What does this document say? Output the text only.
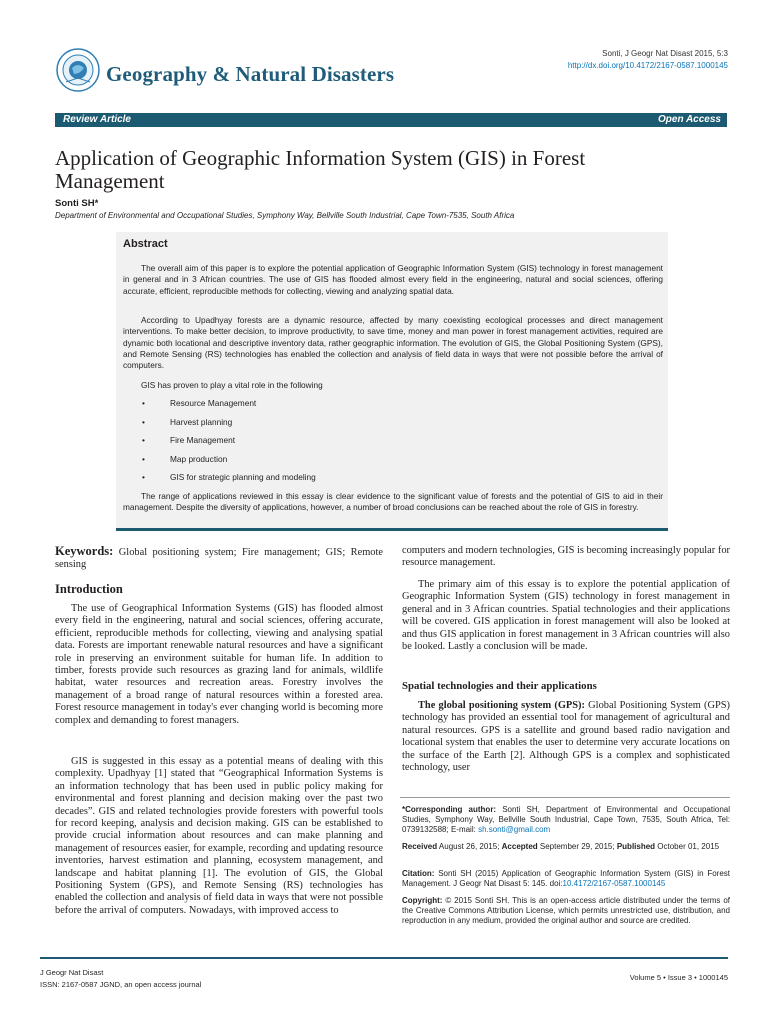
Geography & Natural Disasters
Sonti, J Geogr Nat Disast 2015, 5:3
http://dx.doi.org/10.4172/2167-0587.1000145
Review Article	Open Access
Application of Geographic Information System (GIS) in Forest Management
Sonti SH*
Department of Environmental and Occupational Studies, Symphony Way, Bellville South Industrial, Cape Town-7535, South Africa
Abstract

The overall aim of this paper is to explore the potential application of Geographic Information System (GIS) technology in forest management in general and in 3 African countries. The use of GIS has flooded almost every field in the engineering, natural and social sciences, offering accurate, efficient, reproducible methods for collecting, viewing and analyzing spatial data.

According to Upadhyay forests are a dynamic resource, affected by many coexisting ecological processes and direct management interventions. To make better decision, to improve productivity, to save time, money and man power in forest management activities, required are dynamic both locational and descriptive inventory data, rather geographic information. The evolution of GIS, the Global Positioning System (GPS), and Remote Sensing (RS) technologies has enabled the collection and analysis of field data in ways that were not possible before the arrival of computers.

GIS has proven to play a vital role in the following

•	Resource Management
•	Harvest planning
•	Fire Management
•	Map production
•	GIS for strategic planning and modeling

The range of applications reviewed in this essay is clear evidence to the significant value of forests and the potential of GIS to aid in their management. Despite the diversity of applications, however, a number of broad conclusions can be reached about the role of GIS in forestry.

Keywords: Global positioning system; Fire management; GIS; Remote sensing

Introduction

The use of Geographical Information Systems (GIS) has flooded almost every field in the engineering, natural and social sciences, offering accurate, efficient, reproducible methods for collecting, viewing and analysing spatial data. Forests are important renewable natural resources and have a significant role in preserving an environment suitable for human life. In addition to timber, forests provide such resources as grazing land for animals, wildlife habitat, water resources and recreation areas. Forestry involves the management of a broad range of natural resources within a forested area. Forest resource management in today's ever changing world is becoming more complex and demanding to forest managers.

GIS is suggested in this essay as a potential means of dealing with this complexity. Upadhyay [1] stated that “Geographical Information Systems is an information technology that has been used in public policy making for environmental and forest planning and decision making over the past two decades”. GIS and related technologies provide foresters with powerful tools for record keeping, analysis and decision making. GIS can be established to provide crucial information about resources and can make planning and management of resources easier, for example, recording and updating resource inventories, harvest estimation and planning, ecosystem management, and landscape and habitat planning [1]. The evolution of GIS, the Global Positioning System (GPS), and Remote Sensing (RS) technologies has enabled the collection and analysis of field data in ways that were not possible before the arrival of computers. Nowadays, with improved access to

computers and modern technologies, GIS is becoming increasingly popular for resource management.

The primary aim of this essay is to explore the potential application of Geographic Information System (GIS) technology in forest management in general and in 3 African countries. Spatial technologies and their applications will be covered. GIS application in forest management will also be looked at and thus GIS application in forest management in 3 African countries will also be looked. Lastly a conclusion will be made.

Spatial technologies and their applications

The global positioning system (GPS): Global Positioning System (GPS) technology has provided an essential tool for management of agricultural and natural resources. GPS is a satellite and ground based radio navigation and locational system that enables the user to determine very accurate locations on the surface of the Earth [2]. Although GPS is a complex and sophisticated technology, user

*Corresponding author: Sonti SH, Department of Environmental and Occupational Studies, Symphony Way, Bellville South Industrial, Cape Town, 7535, South Africa, Tel: 0739132588; E-mail: sh.sonti@gmail.com

Received August 26, 2015; Accepted September 29, 2015; Published October 01, 2015

Citation: Sonti SH (2015) Application of Geographic Information System (GIS) in Forest Management. J Geogr Nat Disast 5: 145. doi:10.4172/2167-0587.1000145

Copyright: © 2015 Sonti SH. This is an open-access article distributed under the terms of the Creative Commons Attribution License, which permits unrestricted use, distribution, and reproduction in any medium, provided the original author and source are credited.

J Geogr Nat Disast
ISSN: 2167-0587 JGND, an open access journal
Volume 5 • Issue 3 • 1000145
